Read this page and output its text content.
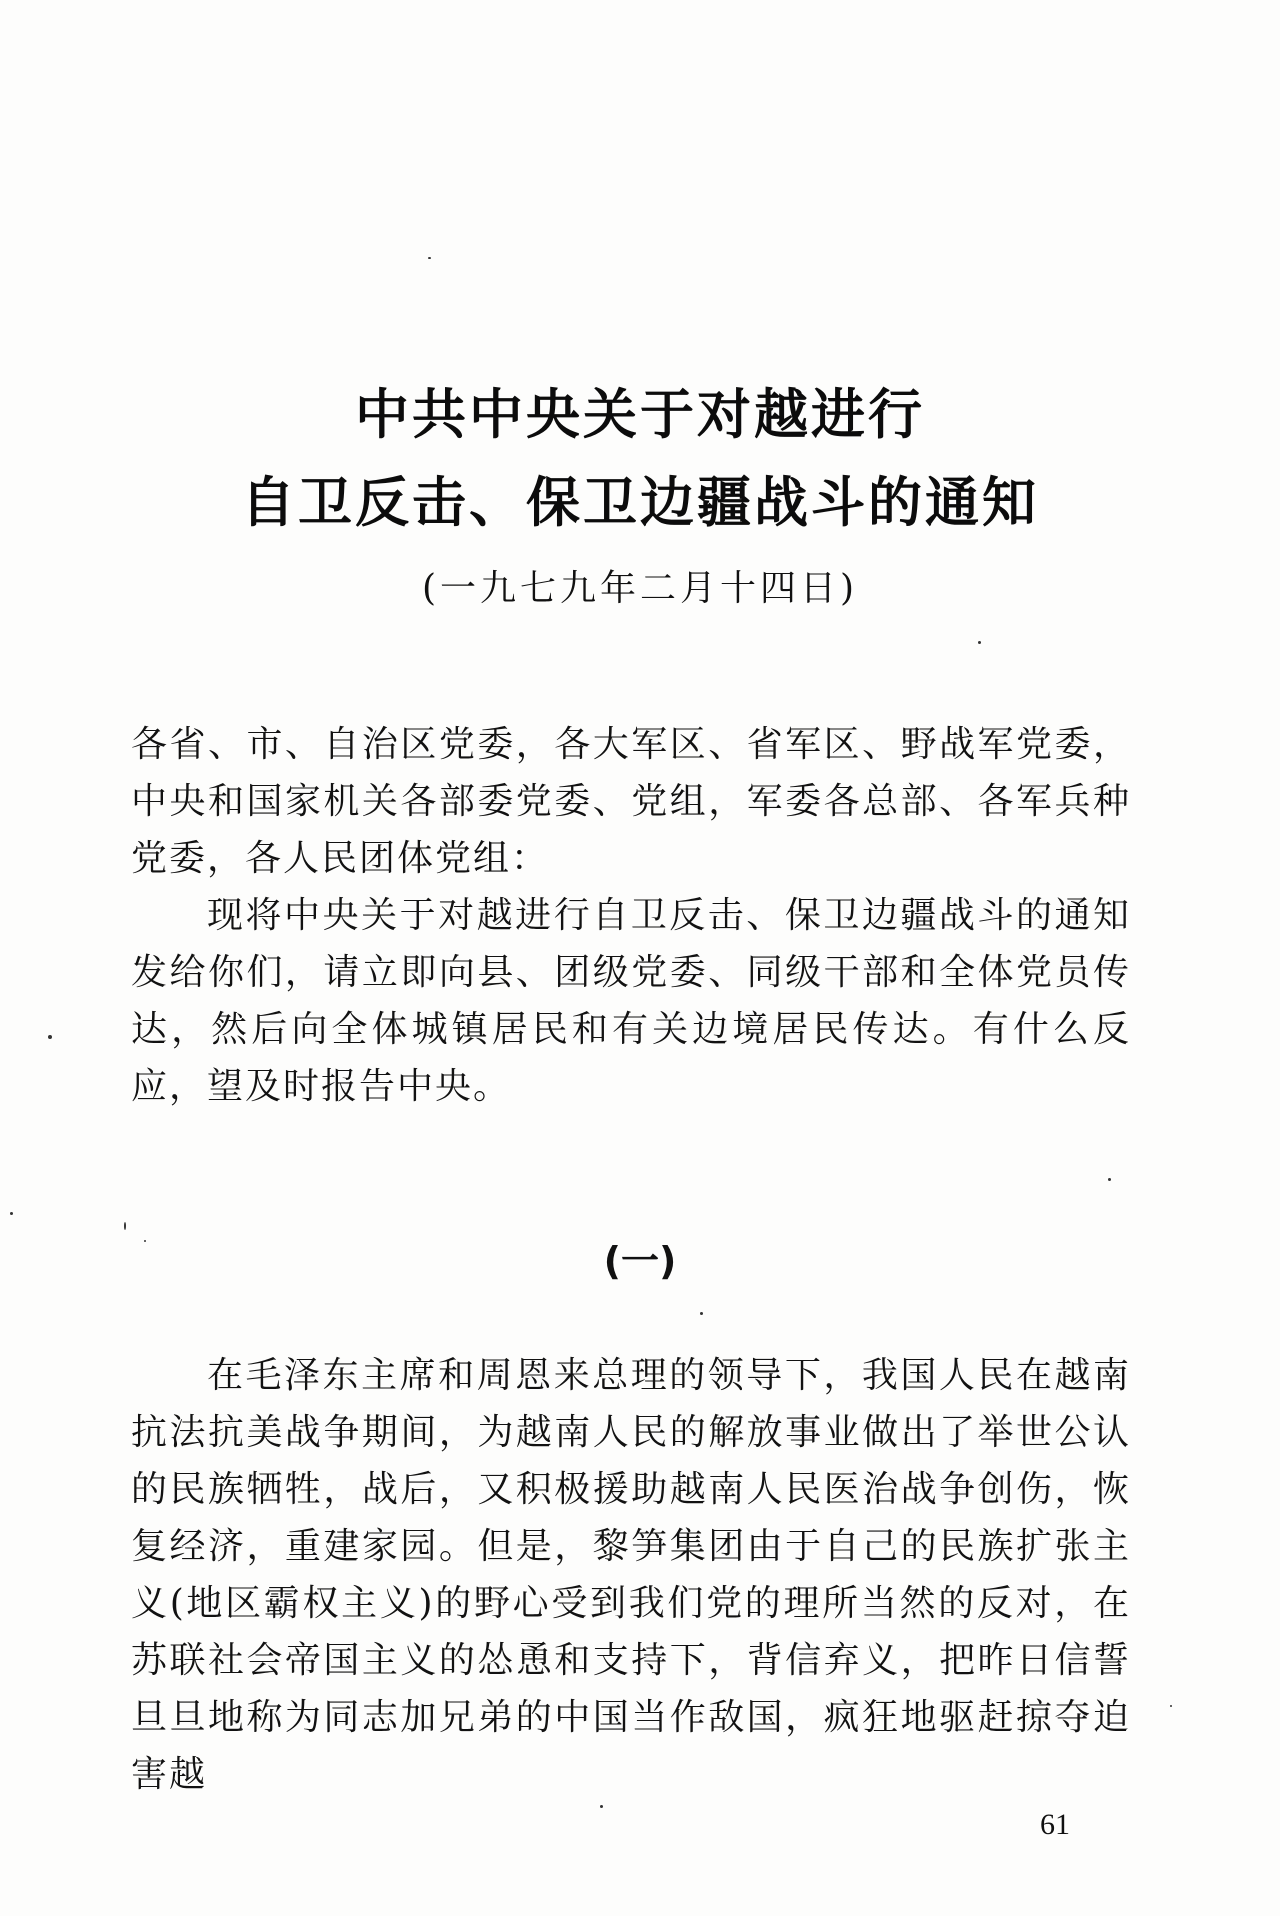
中共中央关于对越进行
自卫反击、保卫边疆战斗的通知
(一九七九年二月十四日)

各省、市、自治区党委，各大军区、省军区、野战军党委，中央和国家机关各部委党委、党组，军委各总部、各军兵种党委，各人民团体党组：

现将中央关于对越进行自卫反击、保卫边疆战斗的通知发给你们，请立即向县、团级党委、同级干部和全体党员传达，然后向全体城镇居民和有关边境居民传达。有什么反应，望及时报告中央。

(一)

在毛泽东主席和周恩来总理的领导下，我国人民在越南抗法抗美战争期间，为越南人民的解放事业做出了举世公认的民族牺牲，战后，又积极援助越南人民医治战争创伤，恢复经济，重建家园。但是，黎笋集团由于自己的民族扩张主义(地区霸权主义)的野心受到我们党的理所当然的反对，在苏联社会帝国主义的怂恿和支持下，背信弃义，把昨日信誓旦旦地称为同志加兄弟的中国当作敌国，疯狂地驱赶掠夺迫害越

61
